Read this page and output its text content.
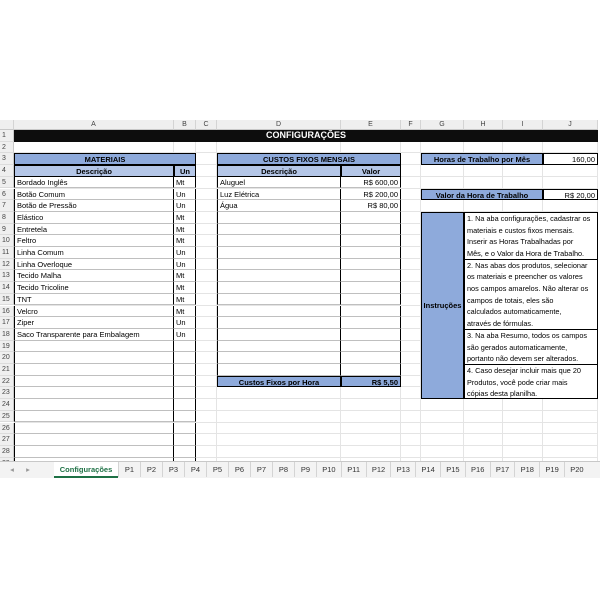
A	B	C	D	E	F	G	H	I	J
1
2
3
4
5
6
7
8
9
10
11
12
13
14
15
16
17
18
19
20
21
22
23
24
25
26
27
28
CONFIGURAÇÕES
MATERIAIS
Descrição	Un
Bordado Inglês	Mt
Botão Comum	Un
Botão de Pressão	Un
Elástico	Mt
Entretela	Mt
Feltro	Mt
Linha Comum	Un
Linha Overloque	Un
Tecido Malha	Mt
Tecido Tricoline	Mt
TNT	Mt
Velcro	Mt
Ziper	Un
Saco Transparente para Embalagem	Un
CUSTOS FIXOS MENSAIS
Descrição	Valor
Aluguel	R$ 600,00
Luz Elétrica	R$ 200,00
Água	R$ 80,00
Custos Fixos por Hora	R$ 5,50
Horas de Trabalho por Mês	160,00
Valor da Hora de Trabalho	R$ 20,00
Instruções
1. Na aba configurações, cadastrar os
materiais e custos fixos mensais.
Inserir as Horas Trabalhadas por
Mês, e o Valor da Hora de Trabalho.
2. Nas abas dos produtos, selecionar
os materiais e preencher os valores
nos campos amarelos. Não alterar os
campos de totais, eles são
calculados automaticamente,
através de fórmulas.
3. Na aba Resumo, todos os campos
são gerados automaticamente,
portanto não devem ser alterados.
4. Caso desejar incluir mais que 20
Produtos, você pode criar mais
cópias desta planilha.
◂	▸	Configurações	P1	P2	P3	P4	P5	P6	P7	P8	P9	P10	P11	P12	P13	P14	P15	P16	P17	P18	P19	P20
